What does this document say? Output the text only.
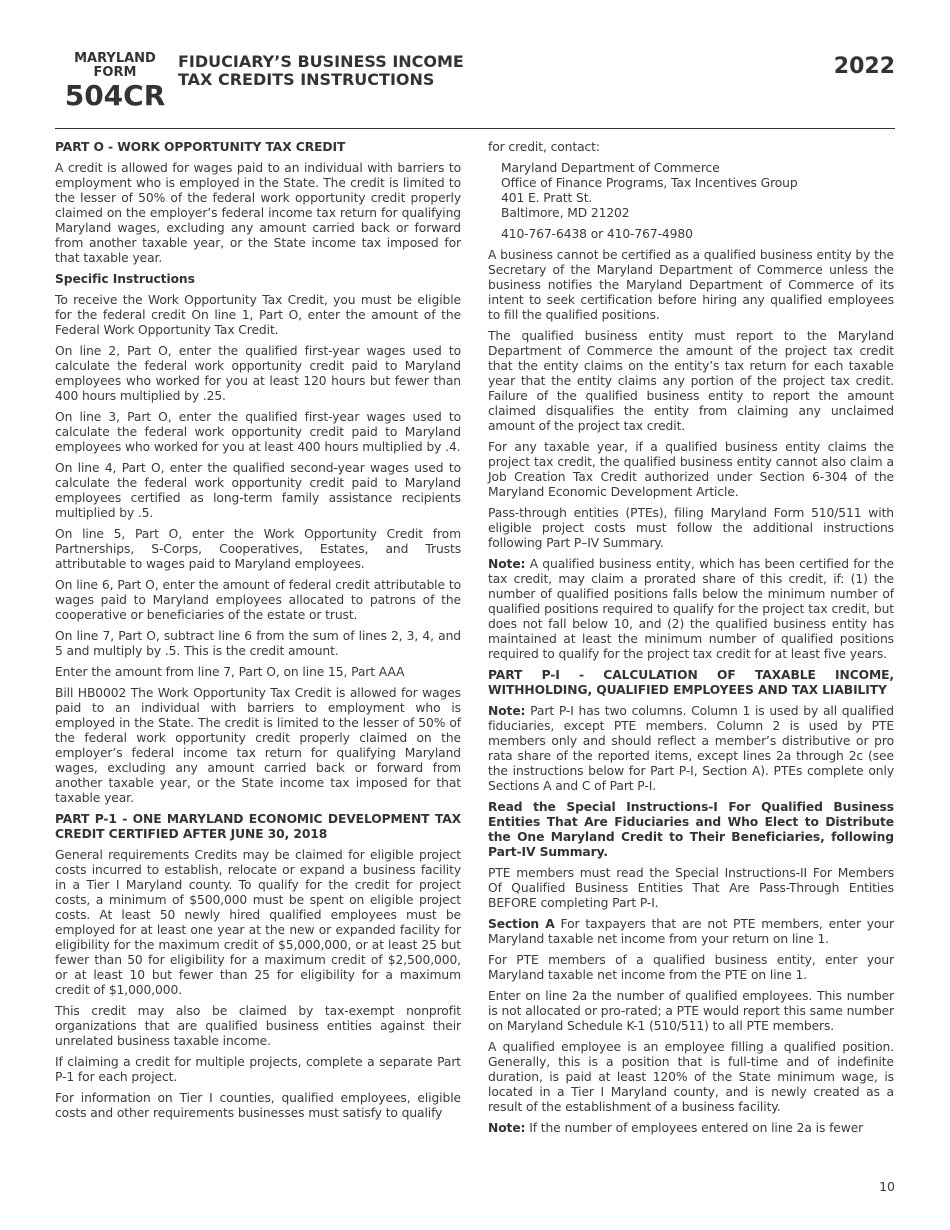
MARYLAND
FORM
504CR
FIDUCIARY’S BUSINESS INCOME
TAX CREDITS INSTRUCTIONS
2022
PART O - WORK OPPORTUNITY TAX CREDIT

A credit is allowed for wages paid to an individual with barriers to employment who is employed in the State. The credit is limited to the lesser of 50% of the federal work opportunity credit properly claimed on the employer’s federal income tax return for qualifying Maryland wages, excluding any amount carried back or forward from another taxable year, or the State income tax imposed for that taxable year.

Specific Instructions

To receive the Work Opportunity Tax Credit, you must be eligible for the federal credit On line 1, Part O, enter the amount of the Federal Work Opportunity Tax Credit.

On line 2, Part O, enter the qualified first-year wages used to calculate the federal work opportunity credit paid to Maryland employees who worked for you at least 120 hours but fewer than 400 hours multiplied by .25.

On line 3, Part O, enter the qualified first-year wages used to calculate the federal work opportunity credit paid to Maryland employees who worked for you at least 400 hours multiplied by .4.

On line 4, Part O, enter the qualified second-year wages used to calculate the federal work opportunity credit paid to Maryland employees certified as long-term family assistance recipients multiplied by .5.

On line 5, Part O, enter the Work Opportunity Credit from Partnerships, S-Corps, Cooperatives, Estates, and Trusts attributable to wages paid to Maryland employees.

On line 6, Part O, enter the amount of federal credit attributable to wages paid to Maryland employees allocated to patrons of the cooperative or beneficiaries of the estate or trust.

On line 7, Part O, subtract line 6 from the sum of lines 2, 3, 4, and 5 and multiply by .5. This is the credit amount.

Enter the amount from line 7, Part O, on line 15, Part AAA

Bill HB0002 The Work Opportunity Tax Credit is allowed for wages paid to an individual with barriers to employment who is employed in the State. The credit is limited to the lesser of 50% of the federal work opportunity credit properly claimed on the employer’s federal income tax return for qualifying Maryland wages, excluding any amount carried back or forward from another taxable year, or the State income tax imposed for that taxable year.

PART P-1 - ONE MARYLAND ECONOMIC DEVELOPMENT TAX CREDIT CERTIFIED AFTER JUNE 30, 2018

General requirements Credits may be claimed for eligible project costs incurred to establish, relocate or expand a business facility in a Tier I Maryland county. To qualify for the credit for project costs, a minimum of $500,000 must be spent on eligible project costs. At least 50 newly hired qualified employees must be employed for at least one year at the new or expanded facility for eligibility for the maximum credit of $5,000,000, or at least 25 but fewer than 50 for eligibility for a maximum credit of $2,500,000, or at least 10 but fewer than 25 for eligibility for a maximum credit of $1,000,000.

This credit may also be claimed by tax-exempt nonprofit organizations that are qualified business entities against their unrelated business taxable income.

If claiming a credit for multiple projects, complete a separate Part P-1 for each project.

For information on Tier I counties, qualified employees, eligible costs and other requirements businesses must satisfy to qualify

for credit, contact:

Maryland Department of Commerce
Office of Finance Programs, Tax Incentives Group
401 E. Pratt St.
Baltimore, MD 21202
410-767-6438 or 410-767-4980

A business cannot be certified as a qualified business entity by the Secretary of the Maryland Department of Commerce unless the business notifies the Maryland Department of Commerce of its intent to seek certification before hiring any qualified employees to fill the qualified positions.

The qualified business entity must report to the Maryland Department of Commerce the amount of the project tax credit that the entity claims on the entity’s tax return for each taxable year that the entity claims any portion of the project tax credit. Failure of the qualified business entity to report the amount claimed disqualifies the entity from claiming any unclaimed amount of the project tax credit.

For any taxable year, if a qualified business entity claims the project tax credit, the qualified business entity cannot also claim a Job Creation Tax Credit authorized under Section 6-304 of the Maryland Economic Development Article.

Pass-through entities (PTEs), filing Maryland Form 510/511 with eligible project costs must follow the additional instructions following Part P–IV Summary.

Note: A qualified business entity, which has been certified for the tax credit, may claim a prorated share of this credit, if: (1) the number of qualified positions falls below the minimum number of qualified positions required to qualify for the project tax credit, but does not fall below 10, and (2) the qualified business entity has maintained at least the minimum number of qualified positions required to qualify for the project tax credit for at least five years.

PART P-I - CALCULATION OF TAXABLE INCOME, WITHHOLDING, QUALIFIED EMPLOYEES AND TAX LIABILITY

Note: Part P-I has two columns. Column 1 is used by all qualified fiduciaries, except PTE members. Column 2 is used by PTE members only and should reflect a member’s distributive or pro rata share of the reported items, except lines 2a through 2c (see the instructions below for Part P-I, Section A). PTEs complete only Sections A and C of Part P-I.

Read the Special Instructions-I For Qualified Business Entities That Are Fiduciaries and Who Elect to Distribute the One Maryland Credit to Their Beneficiaries, following Part-IV Summary.

PTE members must read the Special Instructions-II For Members Of Qualified Business Entities That Are Pass-Through Entities BEFORE completing Part P-I.

Section A For taxpayers that are not PTE members, enter your Maryland taxable net income from your return on line 1.

For PTE members of a qualified business entity, enter your Maryland taxable net income from the PTE on line 1.

Enter on line 2a the number of qualified employees. This number is not allocated or pro-rated; a PTE would report this same number on Maryland Schedule K-1 (510/511) to all PTE members.

A qualified employee is an employee filling a qualified position. Generally, this is a position that is full-time and of indefinite duration, is paid at least 120% of the State minimum wage, is located in a Tier I Maryland county, and is newly created as a result of the establishment of a business facility.

Note: If the number of employees entered on line 2a is fewer

10
